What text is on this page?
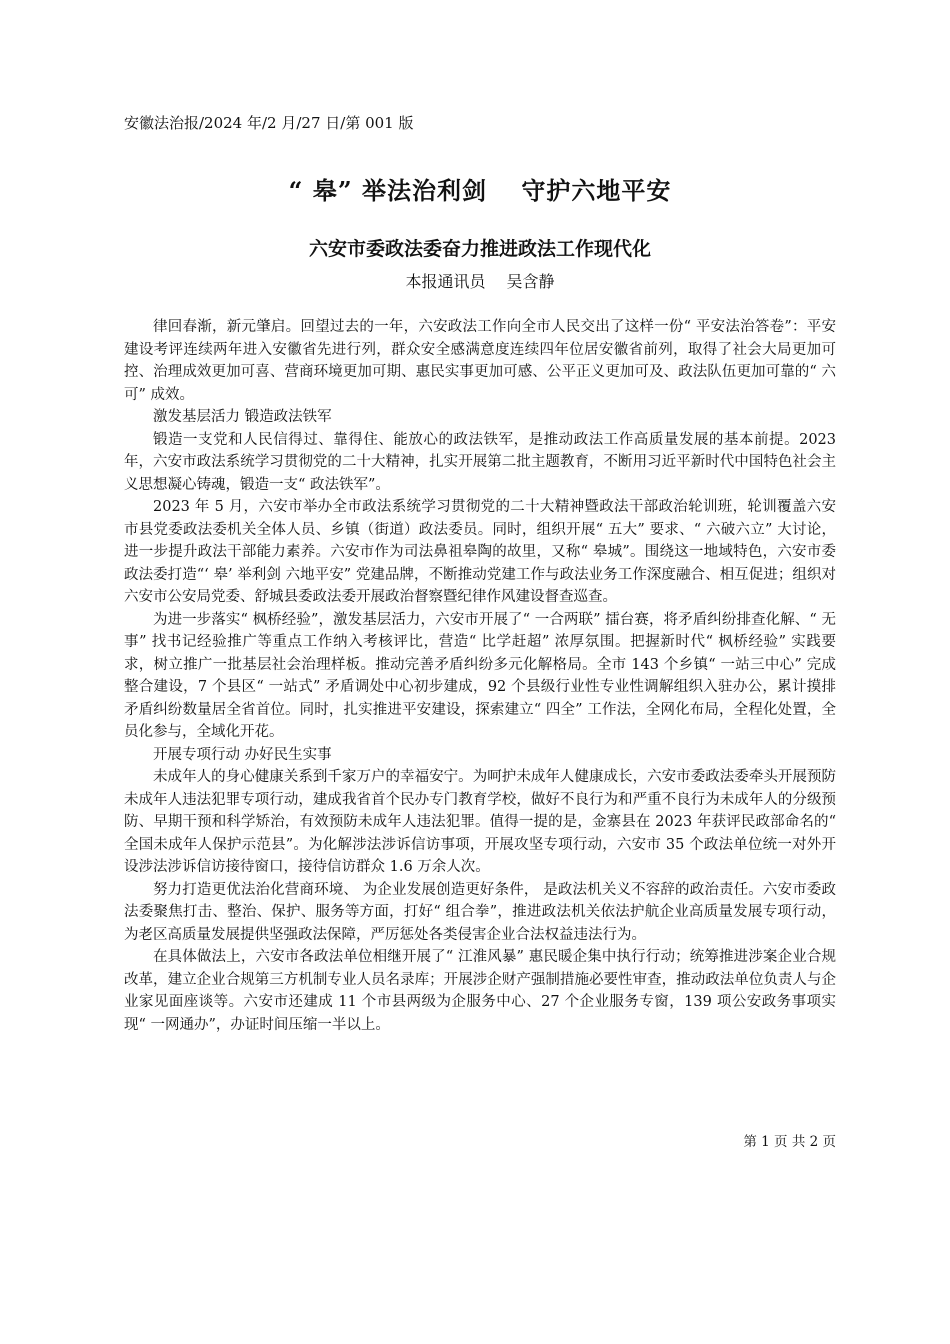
安徽法治报/2024 年/2 月/27 日/第 001 版
“ 皋” 举法治利剑　 守护六地平安
六安市委政法委奋力推进政法工作现代化
本报通讯员　 吴含静

律回春渐，新元肇启。回望过去的一年，六安政法工作向全市人民交出了这样一份“ 平安法治答卷”：平安建设考评连续两年进入安徽省先进行列，群众安全感满意度连续四年位居安徽省前列，取得了社会大局更加可控、治理成效更加可喜、营商环境更加可期、惠民实事更加可感、公平正义更加可及、政法队伍更加可靠的“ 六可” 成效。

激发基层活力 锻造政法铁军

锻造一支党和人民信得过、靠得住、能放心的政法铁军，是推动政法工作高质量发展的基本前提。2023 年，六安市政法系统学习贯彻党的二十大精神，扎实开展第二批主题教育，不断用习近平新时代中国特色社会主义思想凝心铸魂，锻造一支“ 政法铁军”。

2023 年 5 月，六安市举办全市政法系统学习贯彻党的二十大精神暨政法干部政治轮训班，轮训覆盖六安市县党委政法委机关全体人员、乡镇（街道）政法委员。同时，组织开展“ 五大” 要求、“ 六破六立” 大讨论，进一步提升政法干部能力素养。六安市作为司法鼻祖皋陶的故里，又称“ 皋城”。围绕这一地域特色，六安市委政法委打造“‘ 皋’ 举利剑 六地平安” 党建品牌，不断推动党建工作与政法业务工作深度融合、相互促进；组织对六安市公安局党委、舒城县委政法委开展政治督察暨纪律作风建设督查巡查。

为进一步落实“ 枫桥经验”，激发基层活力，六安市开展了“ 一合两联” 擂台赛，将矛盾纠纷排查化解、“ 无事” 找书记经验推广等重点工作纳入考核评比，营造“ 比学赶超” 浓厚氛围。把握新时代“ 枫桥经验” 实践要求，树立推广一批基层社会治理样板。推动完善矛盾纠纷多元化解格局。全市 143 个乡镇“ 一站三中心” 完成整合建设，7 个县区“ 一站式” 矛盾调处中心初步建成，92 个县级行业性专业性调解组织入驻办公，累计摸排矛盾纠纷数量居全省首位。同时，扎实推进平安建设，探索建立“ 四全” 工作法，全网化布局，全程化处置，全员化参与，全域化开花。

开展专项行动 办好民生实事

未成年人的身心健康关系到千家万户的幸福安宁。为呵护未成年人健康成长，六安市委政法委牵头开展预防未成年人违法犯罪专项行动，建成我省首个民办专门教育学校，做好不良行为和严重不良行为未成年人的分级预防、早期干预和科学矫治，有效预防未成年人违法犯罪。值得一提的是，金寨县在 2023 年获评民政部命名的“ 全国未成年人保护示范县”。为化解涉法涉诉信访事项，开展攻坚专项行动，六安市 35 个政法单位统一对外开设涉法涉诉信访接待窗口，接待信访群众 1.6 万余人次。

努力打造更优法治化营商环境、 为企业发展创造更好条件， 是政法机关义不容辞的政治责任。六安市委政法委聚焦打击、整治、保护、服务等方面，打好“ 组合拳”，推进政法机关依法护航企业高质量发展专项行动，为老区高质量发展提供坚强政法保障，严厉惩处各类侵害企业合法权益违法行为。

在具体做法上，六安市各政法单位相继开展了“ 江淮风暴” 惠民暖企集中执行行动；统筹推进涉案企业合规改革，建立企业合规第三方机制专业人员名录库；开展涉企财产强制措施必要性审查，推动政法单位负责人与企业家见面座谈等。六安市还建成 11 个市县两级为企服务中心、27 个企业服务专窗，139 项公安政务事项实现“ 一网通办”，办证时间压缩一半以上。

第 1 页 共 2 页
